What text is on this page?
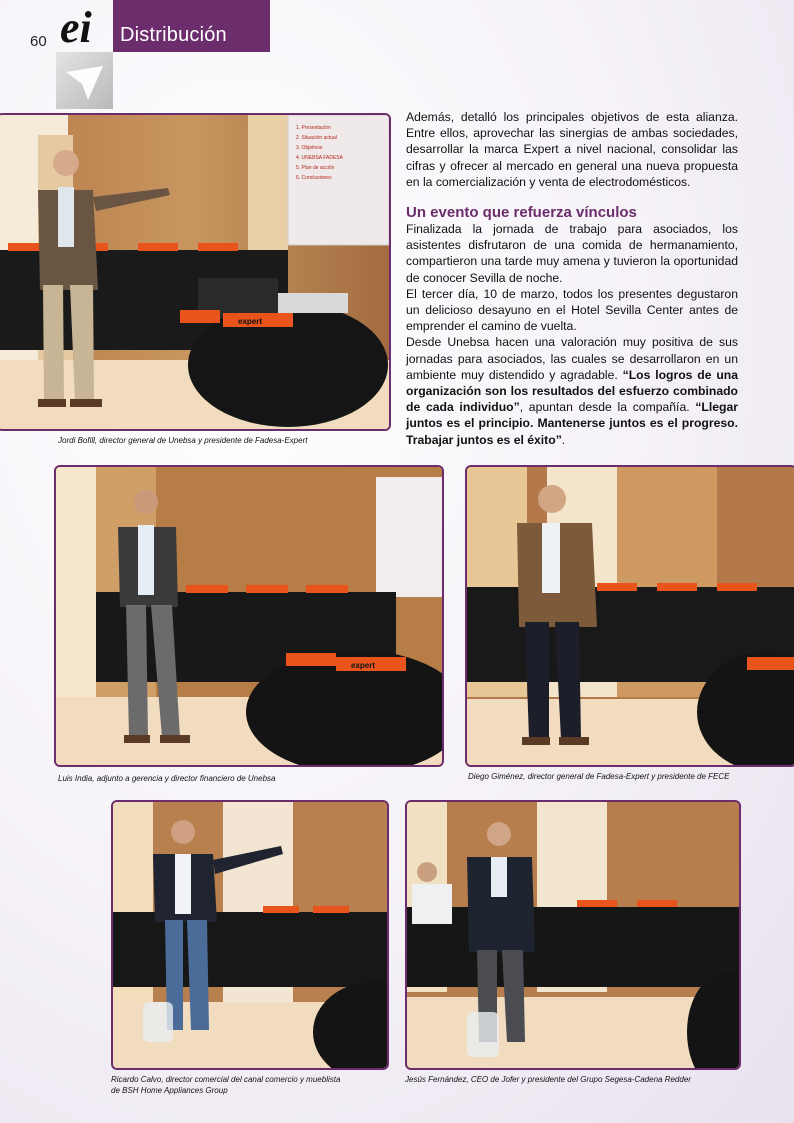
60 ei Distribución
1. Presentación
2. Situación actual
3. Objetivos
4. UNEBSA FADESA
5. Plan de acción
6. Conclusiones
expert
Jordi Bofill, director general de Unebsa y presidente de Fadesa-Expert

Además, detalló los principales objetivos de esta alianza. Entre ellos, aprovechar las sinergias de ambas sociedades, desarrollar la marca Expert a nivel nacional, consolidar las cifras y ofrecer al mercado en general una nueva propuesta en la comercialización y venta de electrodomésticos.

Un evento que refuerza vínculos

Finalizada la jornada de trabajo para asociados, los asistentes disfrutaron de una comida de hermanamiento, compartieron una tarde muy amena y tuvieron la oportunidad de conocer Sevilla de noche.

El tercer día, 10 de marzo, todos los presentes degustaron un delicioso desayuno en el Hotel Sevilla Center antes de emprender el camino de vuelta.

Desde Unebsa hacen una valoración muy positiva de sus jornadas para asociados, las cuales se desarrollaron en un ambiente muy distendido y agradable. “Los logros de una organización son los resultados del esfuerzo combinado de cada individuo”, apuntan desde la compañía. “Llegar juntos es el principio. Mantenerse juntos es el progreso. Trabajar juntos es el éxito”.

expert
Luis India, adjunto a gerencia y director financiero de Unebsa	Diego Giménez, director general de Fadesa-Expert y presidente de FECE
Ricardo Calvo, director comercial del canal comercio y mueblista
de BSH Home Appliances Group
Jesús Fernández, CEO de Jofer y presidente del Grupo Segesa-Cadena Redder
